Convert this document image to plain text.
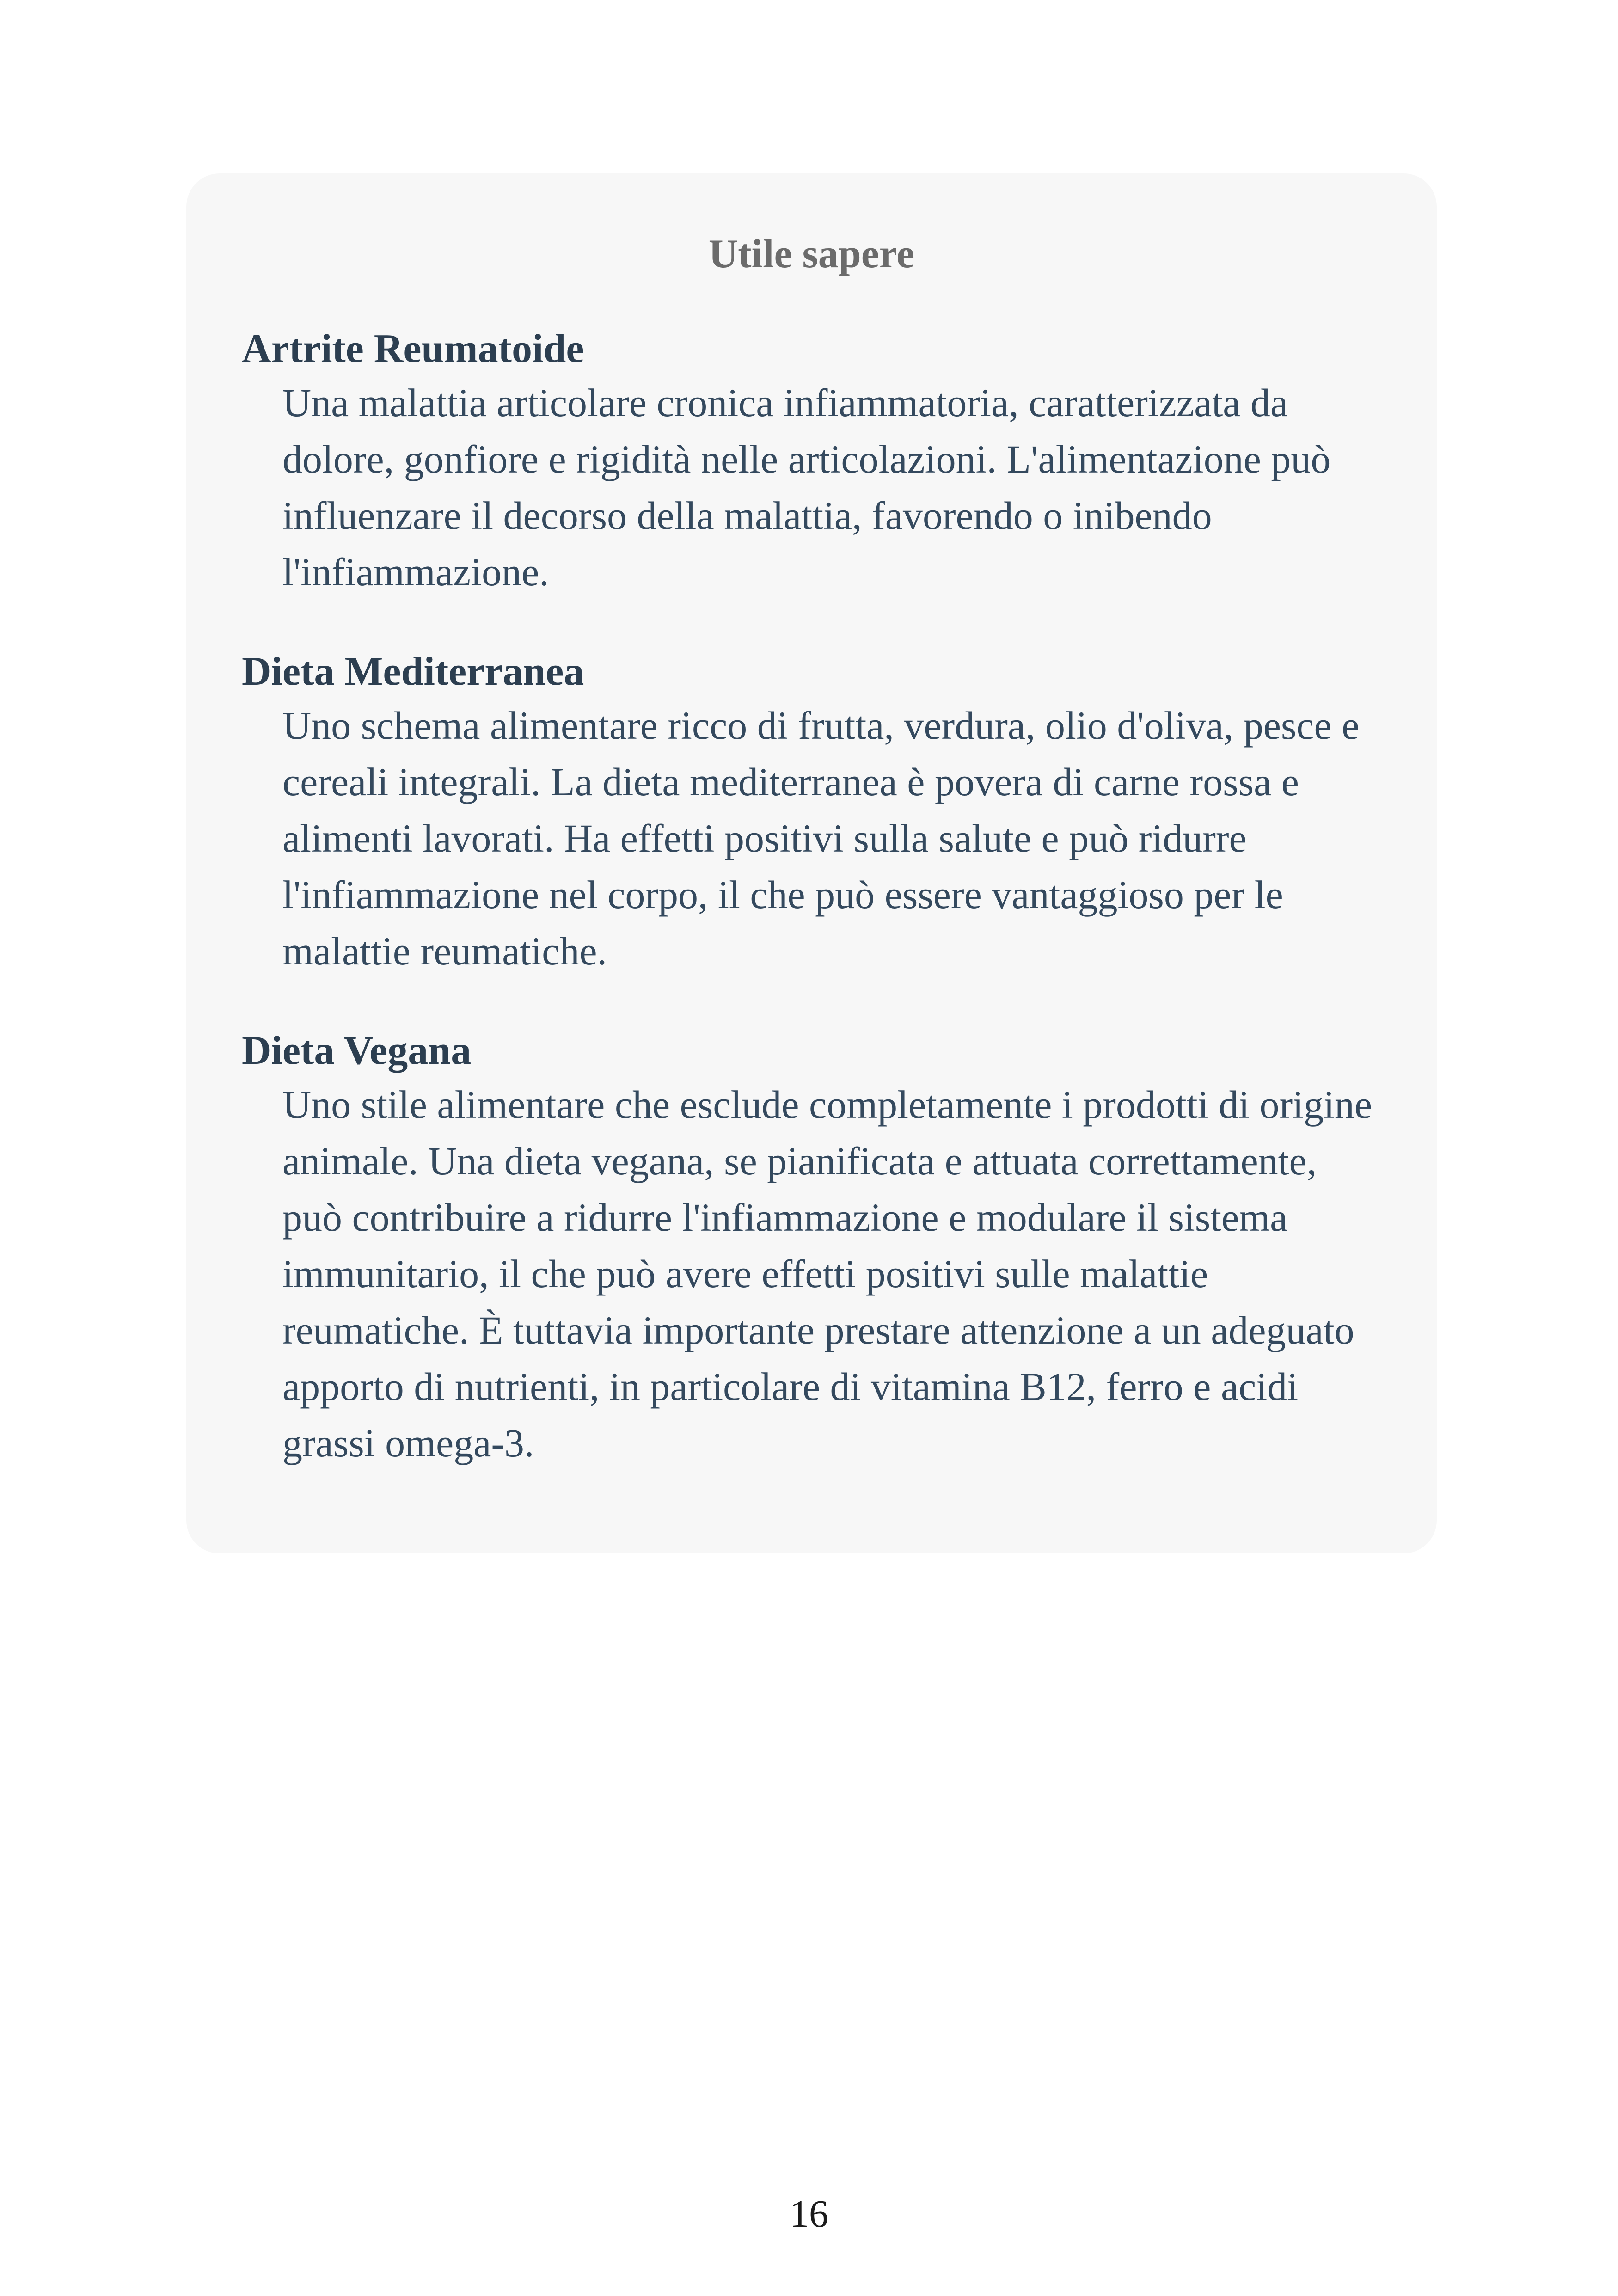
Utile sapere

Artrite Reumatoide

Una malattia articolare cronica infiammatoria, caratterizzata da dolore, gonfiore e rigidità nelle articolazioni. L'alimentazione può influenzare il decorso della malattia, favorendo o inibendo l'infiammazione.

Dieta Mediterranea

Uno schema alimentare ricco di frutta, verdura, olio d'oliva, pesce e cereali integrali. La dieta mediterranea è povera di carne rossa e alimenti lavorati. Ha effetti positivi sulla salute e può ridurre l'infiammazione nel corpo, il che può essere vantaggioso per le malattie reumatiche.

Dieta Vegana

Uno stile alimentare che esclude completamente i prodotti di origine animale. Una dieta vegana, se pianificata e attuata correttamente, può contribuire a ridurre l'infiammazione e modulare il sistema immunitario, il che può avere effetti positivi sulle malattie reumatiche. È tuttavia importante prestare attenzione a un adeguato apporto di nutrienti, in particolare di vitamina B12, ferro e acidi grassi omega-3.

16
